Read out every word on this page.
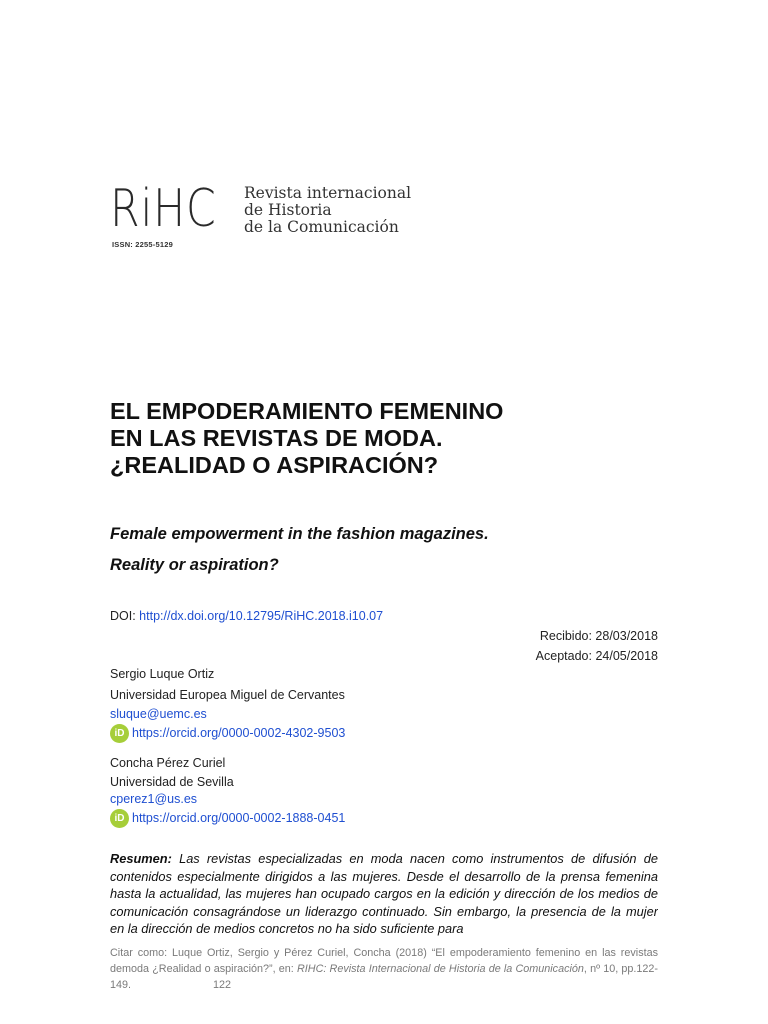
RiHC Revista internacional
de Historia
de la Comunicación
ISSN: 2255-5129
EL EMPODERAMIENTO FEMENINO EN LAS REVISTAS DE MODA. ¿REALIDAD O ASPIRACIÓN?
Female empowerment in the fashion magazines.
Reality or aspiration?
DOI: http://dx.doi.org/10.12795/RiHC.2018.i10.07
Recibido: 28/03/2018
Aceptado: 24/05/2018
Sergio Luque Ortiz
Universidad Europea Miguel de Cervantes
sluque@uemc.es
iD https://orcid.org/0000-0002-4302-9503
Concha Pérez Curiel
Universidad de Sevilla
cperez1@us.es
iD https://orcid.org/0000-0002-1888-0451

Resumen: Las revistas especializadas en moda nacen como instrumentos de difusión de contenidos especialmente dirigidos a las mujeres. Desde el desarrollo de la prensa femenina hasta la actualidad, las mujeres han ocupado cargos en la edición y dirección de los medios de comunicación consagrándose un liderazgo continuado. Sin embargo, la presencia de la mujer en la dirección de medios concretos no ha sido suficiente para

Citar como: Luque Ortiz, Sergio y Pérez Curiel, Concha (2018) “El empoderamiento femenino en las revistas demoda ¿Realidad o aspiración?”, en: RIHC: Revista Internacional de Historia de la Comunicación, nº 10, pp.122-149.	122
